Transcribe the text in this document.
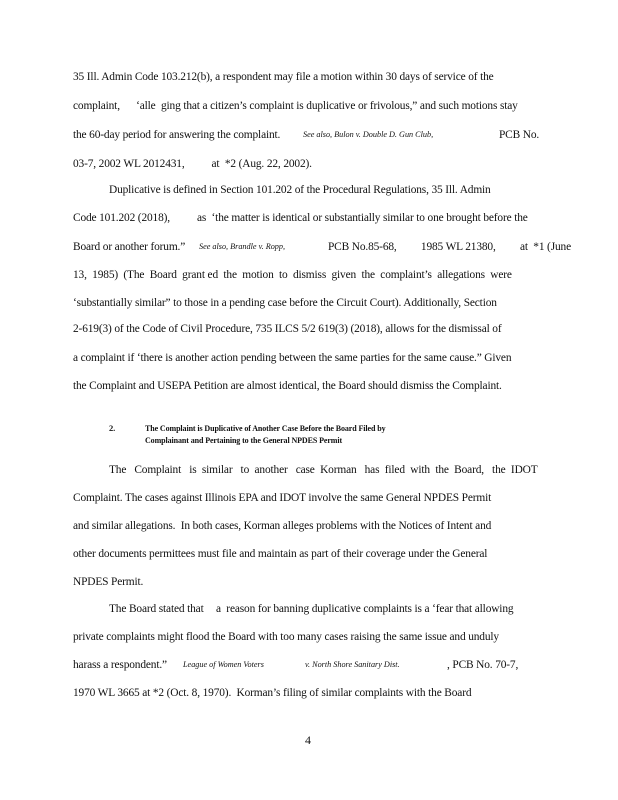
35 Ill. Admin Code 103.212(b), a respondent may file a motion within 30 days of service of the
complaint,      ‘alle  ging that a citizen’s complaint is duplicative or frivolous,” and such motions stay
the 60-day period for answering the complaint.	See also, Bulon v. Double D. Gun Club,	PCB No.
03-7, 2002 WL 2012431,          at  *2 (Aug. 22, 2002).
Duplicative is defined in Section 101.202 of the Procedural Regulations, 35 Ill. Admin
Code 101.202 (2018),          as  ‘the matter is identical or substantially similar to one brought before the
Board or another forum.” See also, Brandle v. Ropp,	PCB No.85-68,         1985 WL 21380,         at  *1 (June
13,  1985)  (The  Board  grant ed  the  motion  to  dismiss  given  the  complaint’s  allegations  were
‘substantially similar” to those in a pending case before the Circuit Court). Additionally, Section
2-619(3) of the Code of Civil Procedure, 735 ILCS 5/2 619(3) (2018), allows for the dismissal of
a complaint if ‘there is another action pending between the same parties for the same cause.” Given
the Complaint and USEPA Petition are almost identical, the Board should dismiss the Complaint.
2.	The Complaint is Duplicative of Another Case Before the Board Filed by
Complainant and Pertaining to the General NPDES Permit
The   Complaint   is  similar   to  another   case  Korman   has  filed  with  the  Board,   the  IDOT
Complaint. The cases against Illinois EPA and IDOT involve the same General NPDES Permit
and similar allegations.  In both cases, Korman alleges problems with the Notices of Intent and
other documents permittees must file and maintain as part of their coverage under the General
NPDES Permit.
The Board stated that a  reason for banning duplicative complaints is a ‘fear that allowing
private complaints might flood the Board with too many cases raising the same issue and unduly
harass a respondent.” League of Women Voters	v. North Shore Sanitary Dist.	, PCB No. 70-7,
1970 WL 3665 at *2 (Oct. 8, 1970).  Korman’s filing of similar complaints with the Board
4
